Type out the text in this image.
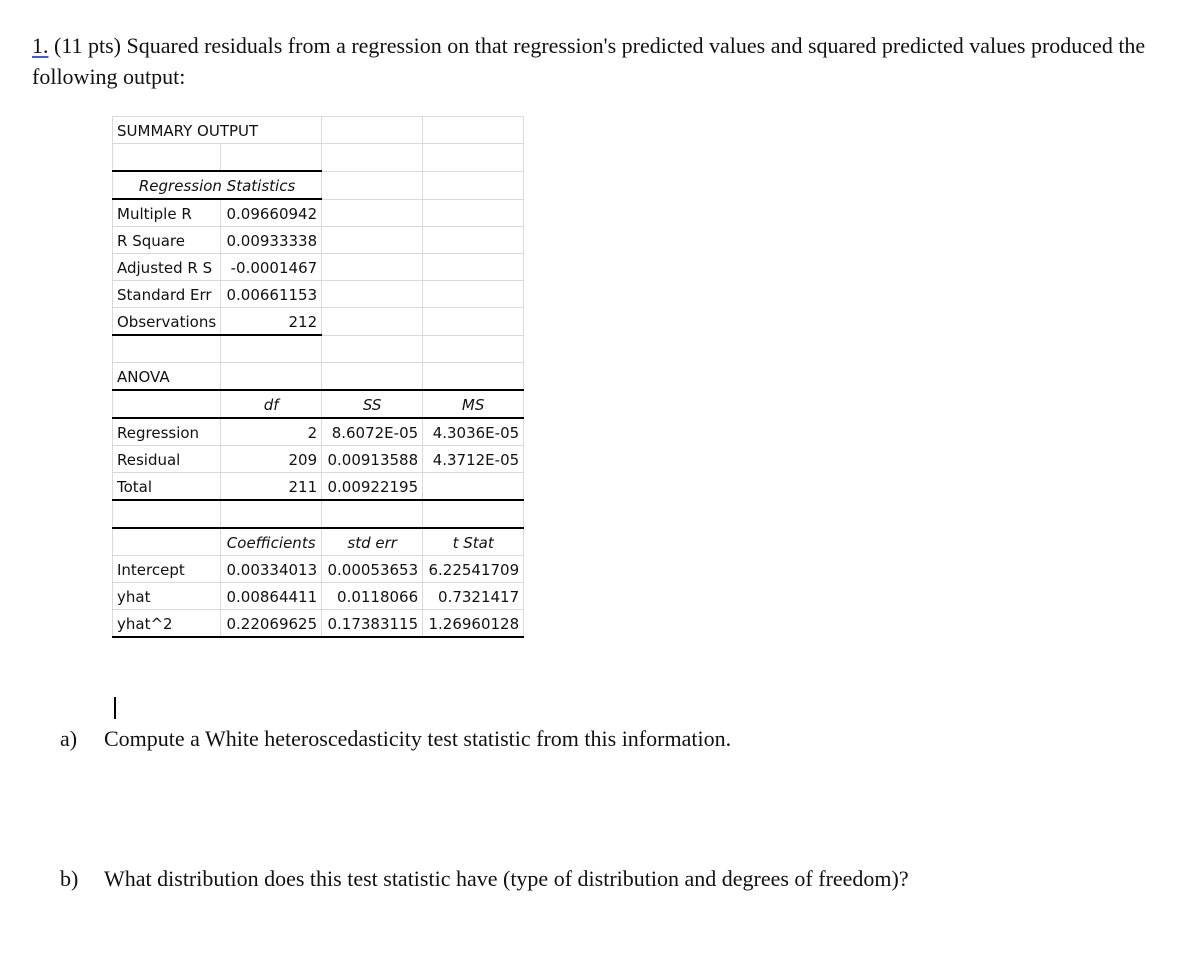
1. (11 pts) Squared residuals from a regression on that regression's predicted values and squared predicted values produced the following output:
SUMMARY OUTPUT			

Regression Statistics			
Multiple R	0.09660942		
R Square	0.00933338		
Adjusted R S	-0.0001467		
Standard Err	0.00661153		
Observations	212		

ANOVA			
	df	SS	MS
Regression	2	8.6072E-05	4.3036E-05
Residual	209	0.00913588	4.3712E-05
Total	211	0.00922195	

	Coefficients	std err	t Stat
Intercept	0.00334013	0.00053653	6.22541709
yhat	0.00864411	0.0118066	0.7321417
yhat^2	0.22069625	0.17383115	1.26960128
a) Compute a White heteroscedasticity test statistic from this information.
b) What distribution does this test statistic have (type of distribution and degrees of freedom)?
